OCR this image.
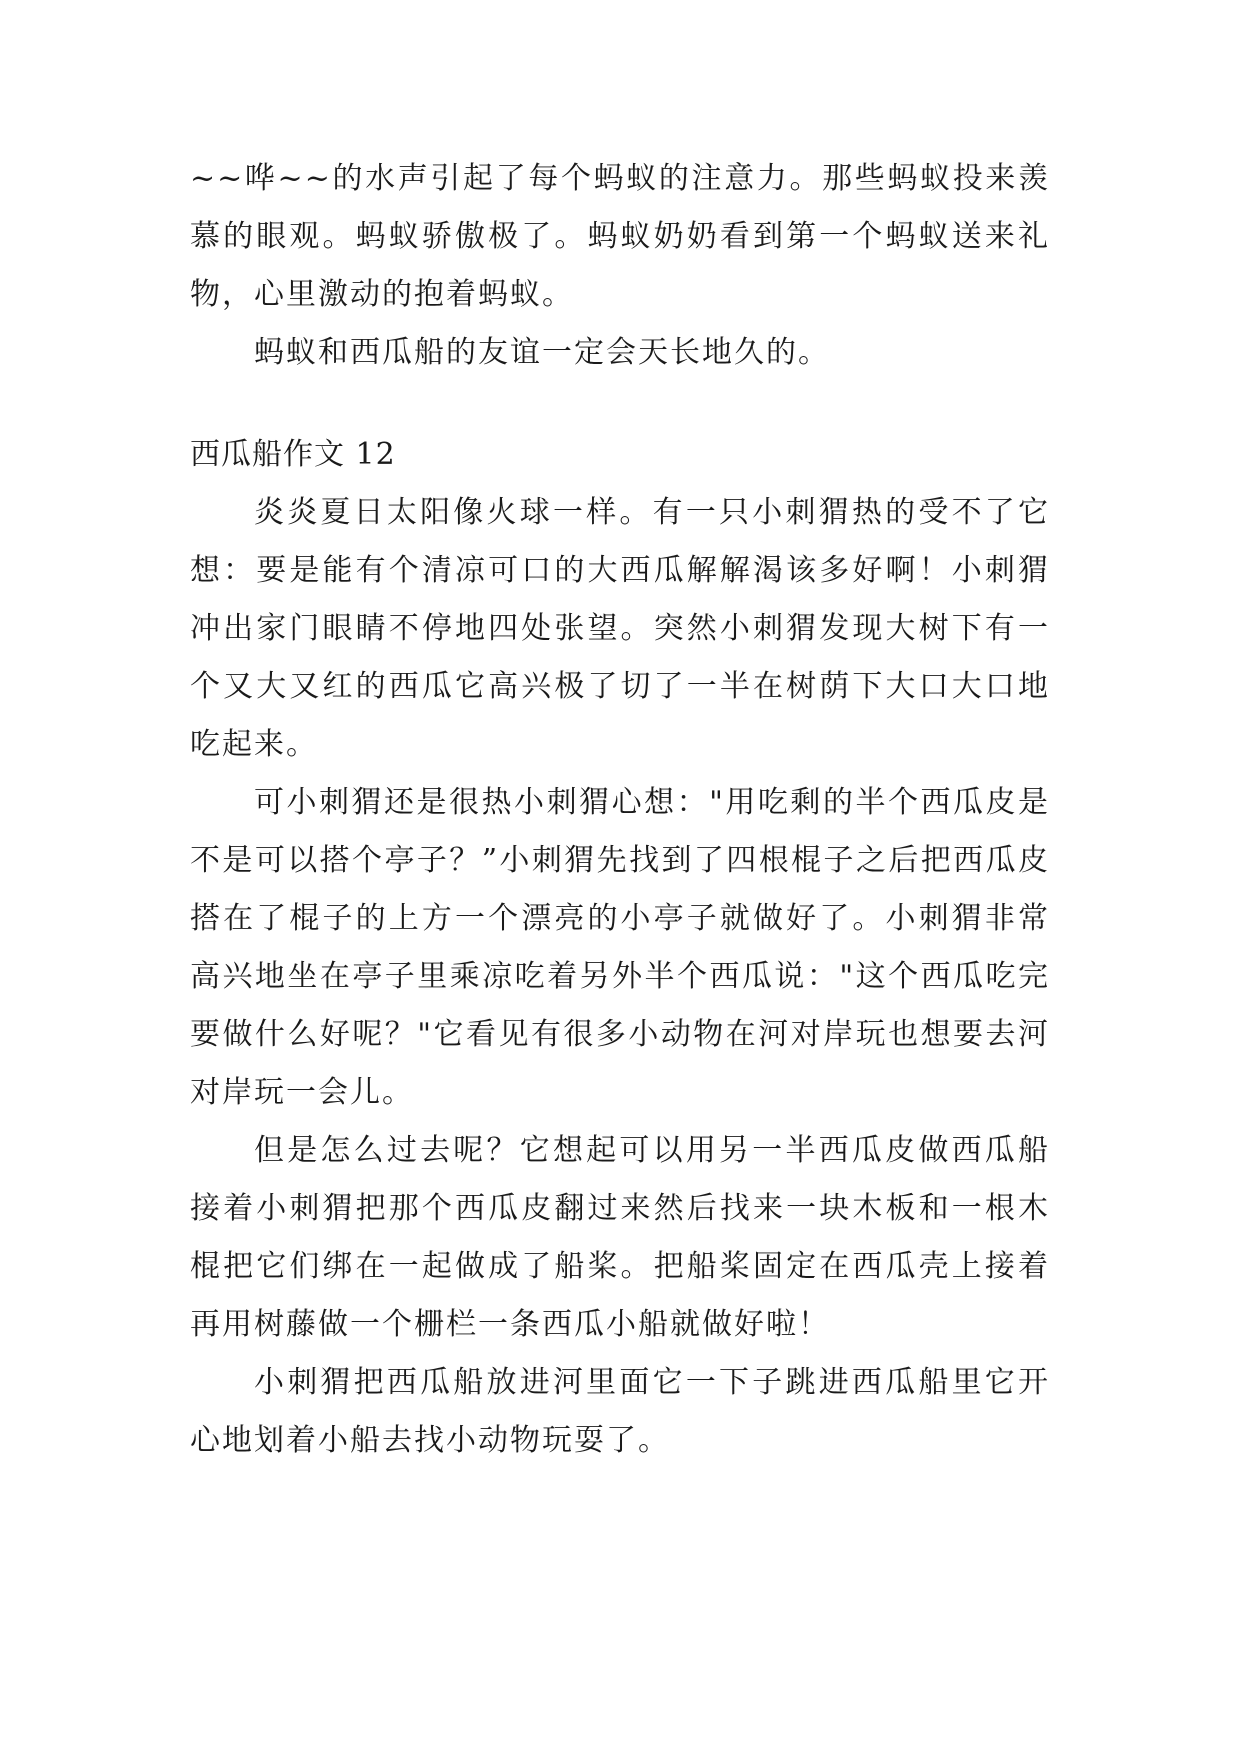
~~哗~~的水声引起了每个蚂蚁的注意力。那些蚂蚁投来羡慕的眼观。蚂蚁骄傲极了。蚂蚁奶奶看到第一个蚂蚁送来礼物，心里激动的抱着蚂蚁。

蚂蚁和西瓜船的友谊一定会天长地久的。

西瓜船作文 12

炎炎夏日太阳像火球一样。有一只小刺猬热的受不了它想：要是能有个清凉可口的大西瓜解解渴该多好啊！小刺猬冲出家门眼睛不停地四处张望。突然小刺猬发现大树下有一个又大又红的西瓜它高兴极了切了一半在树荫下大口大口地吃起来。

可小刺猬还是很热小刺猬心想："用吃剩的半个西瓜皮是不是可以搭个亭子？”小刺猬先找到了四根棍子之后把西瓜皮搭在了棍子的上方一个漂亮的小亭子就做好了。小刺猬非常高兴地坐在亭子里乘凉吃着另外半个西瓜说："这个西瓜吃完要做什么好呢？"它看见有很多小动物在河对岸玩也想要去河对岸玩一会儿。

但是怎么过去呢？它想起可以用另一半西瓜皮做西瓜船接着小刺猬把那个西瓜皮翻过来然后找来一块木板和一根木棍把它们绑在一起做成了船桨。把船桨固定在西瓜壳上接着再用树藤做一个栅栏一条西瓜小船就做好啦！

小刺猬把西瓜船放进河里面它一下子跳进西瓜船里它开心地划着小船去找小动物玩耍了。
